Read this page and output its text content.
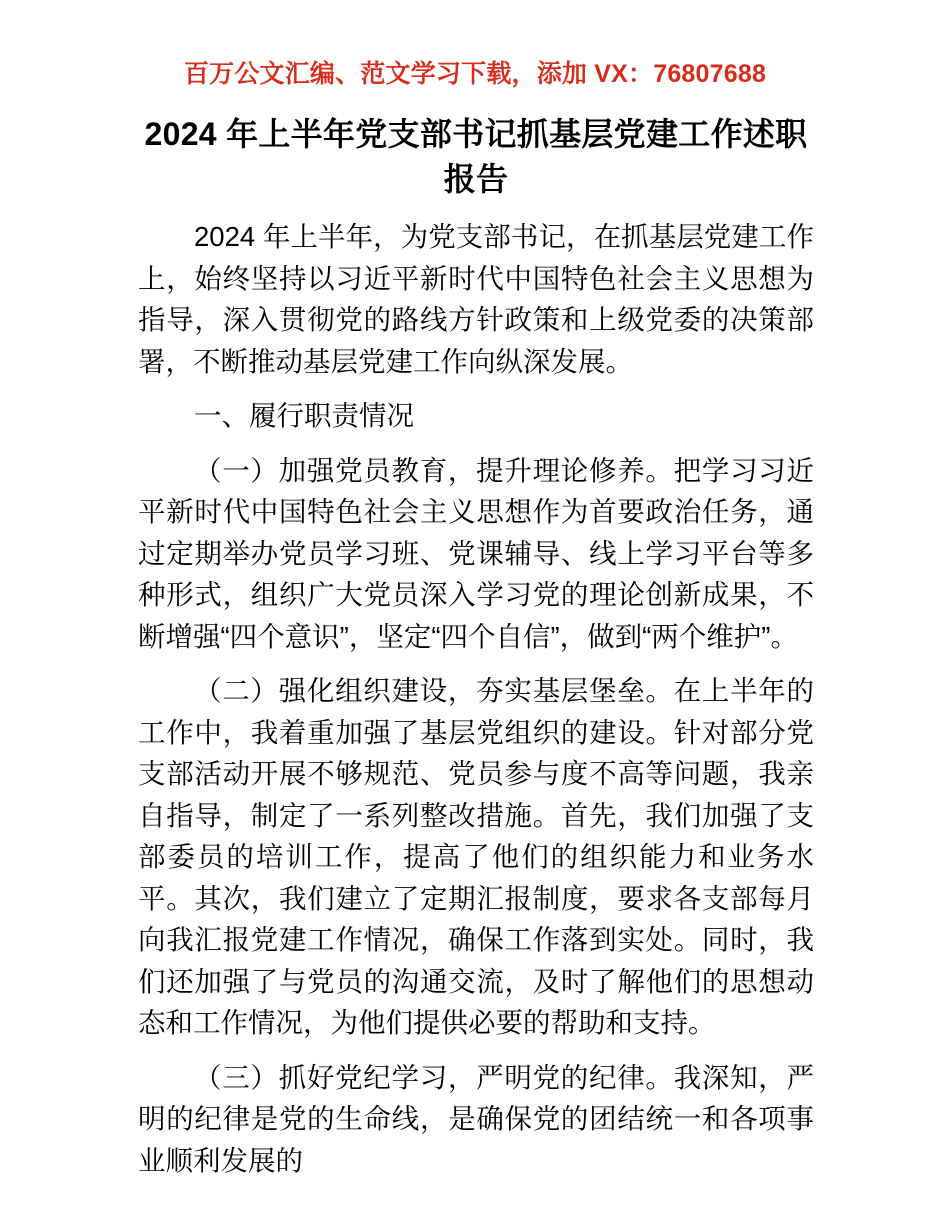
百万公文汇编、范文学习下载，添加 VX：76807688
2024 年上半年党支部书记抓基层党建工作述职报告

2024 年上半年，为党支部书记，在抓基层党建工作上，始终坚持以习近平新时代中国特色社会主义思想为指导，深入贯彻党的路线方针政策和上级党委的决策部署，不断推动基层党建工作向纵深发展。

一、履行职责情况

（一）加强党员教育，提升理论修养。把学习习近平新时代中国特色社会主义思想作为首要政治任务，通过定期举办党员学习班、党课辅导、线上学习平台等多种形式，组织广大党员深入学习党的理论创新成果，不断增强“四个意识”，坚定“四个自信”，做到“两个维护”。

（二）强化组织建设，夯实基层堡垒。在上半年的工作中，我着重加强了基层党组织的建设。针对部分党支部活动开展不够规范、党员参与度不高等问题，我亲自指导，制定了一系列整改措施。首先，我们加强了支部委员的培训工作，提高了他们的组织能力和业务水平。其次，我们建立了定期汇报制度，要求各支部每月向我汇报党建工作情况，确保工作落到实处。同时，我们还加强了与党员的沟通交流，及时了解他们的思想动态和工作情况，为他们提供必要的帮助和支持。

（三）抓好党纪学习，严明党的纪律。我深知，严明的纪律是党的生命线，是确保党的团结统一和各项事业顺利发展的
